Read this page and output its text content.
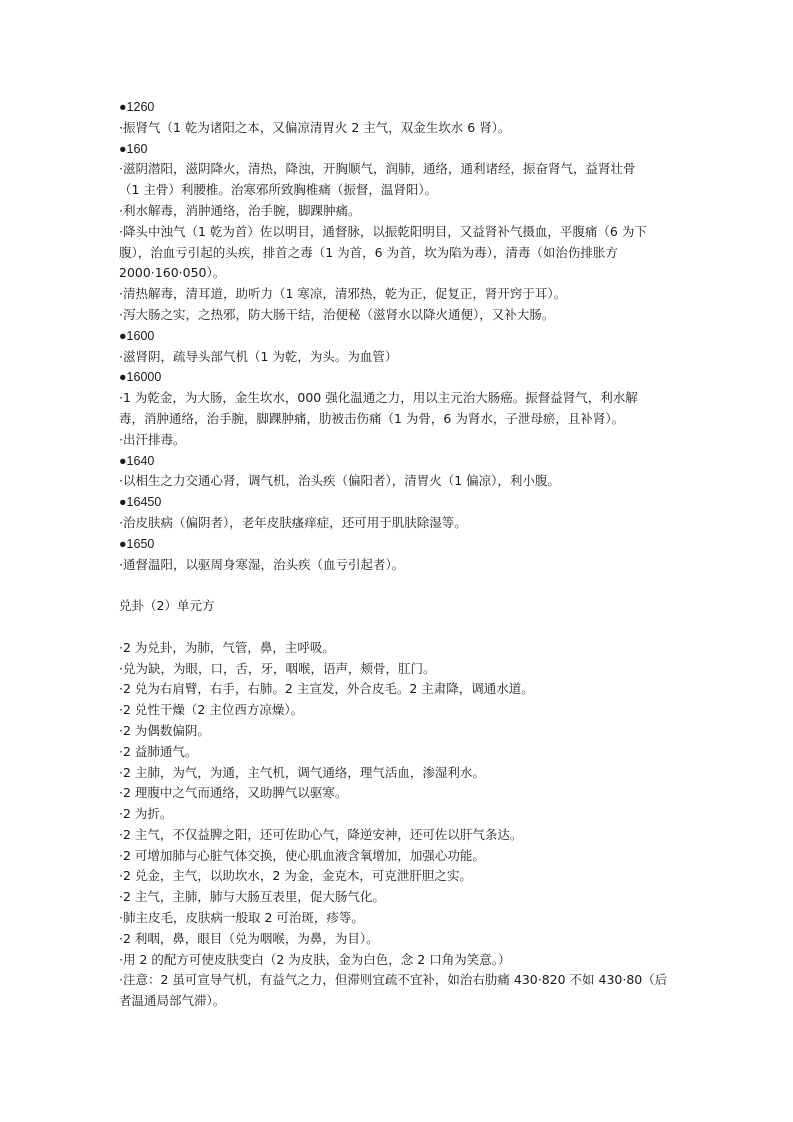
●1260
·振肾气（1 乾为诸阳之本，又偏凉清胃火 2 主气，双金生坎水 6 肾）。
●160
·滋阴潜阳，滋阴降火，清热，降浊，开胸顺气，润肺，通络，通利诸经，振奋肾气，益肾壮骨
（1 主骨）利腰椎。治寒邪所致胸椎痛（振督，温肾阳）。
·利水解毒，消肿通络，治手腕，脚踝肿痛。
·降头中浊气（1 乾为首）佐以明目，通督脉，以振乾阳明目，又益肾补气摄血，平腹痛（6 为下
腹），治血亏引起的头疾，排首之毒（1 为首，6 为首，坎为陷为毒），清毒（如治伤排胀方
2000·160·050）。
·清热解毒，清耳道，助听力（1 寒凉，清邪热，乾为正，促复正，肾开窍于耳）。
·泻大肠之实，之热邪，防大肠干结，治便秘（滋肾水以降火通便），又补大肠。
●1600
·滋肾阴，疏导头部气机（1 为乾，为头。为血管）
●16000
·1 为乾金，为大肠，金生坎水，000 强化温通之力，用以主元治大肠癌。振督益肾气，利水解
毒，消肿通络，治手腕，脚踝肿痛，肋被击伤痛（1 为骨，6 为肾水，子泄母瘀，且补肾）。
·出汗排毒。
●1640
·以相生之力交通心肾，调气机，治头疾（偏阳者），清胃火（1 偏凉），利小腹。
●16450
·治皮肤病（偏阴者），老年皮肤瘙痒症，还可用于肌肤除湿等。
●1650
·通督温阳，以驱周身寒湿，治头疾（血亏引起者）。
兑卦（2）单元方
·2 为兑卦，为肺，气管，鼻，主呼吸。
·兑为缺，为眼，口，舌，牙，咽喉，语声，颊骨，肛门。
·2 兑为右肩臂，右手，右肺。2 主宣发，外合皮毛。2 主肃降，调通水道。
·2 兑性干燥（2 主位西方凉燥）。
·2 为偶数偏阴。
·2 益肺通气。
·2 主肺，为气，为通，主气机，调气通络，理气活血，渗湿利水。
·2 理腹中之气而通络，又助脾气以驱寒。
·2 为折。
·2 主气，不仅益脾之阳，还可佐助心气，降逆安神，还可佐以肝气条达。
·2 可增加肺与心脏气体交换，使心肌血液含氧增加，加强心功能。
·2 兑金，主气，以助坎水，2 为金，金克木，可克泄肝胆之实。
·2 主气，主肺，肺与大肠互表里，促大肠气化。
·肺主皮毛，皮肤病一般取 2 可治斑，疹等。
·2 利咽，鼻，眼目（兑为咽喉，为鼻，为目）。
·用 2 的配方可使皮肤变白（2 为皮肤，金为白色，念 2 口角为笑意。）
·注意：2 虽可宣导气机，有益气之力，但滞则宜疏不宜补，如治右肋痛 430·820 不如 430·80（后
者温通局部气滞）。
